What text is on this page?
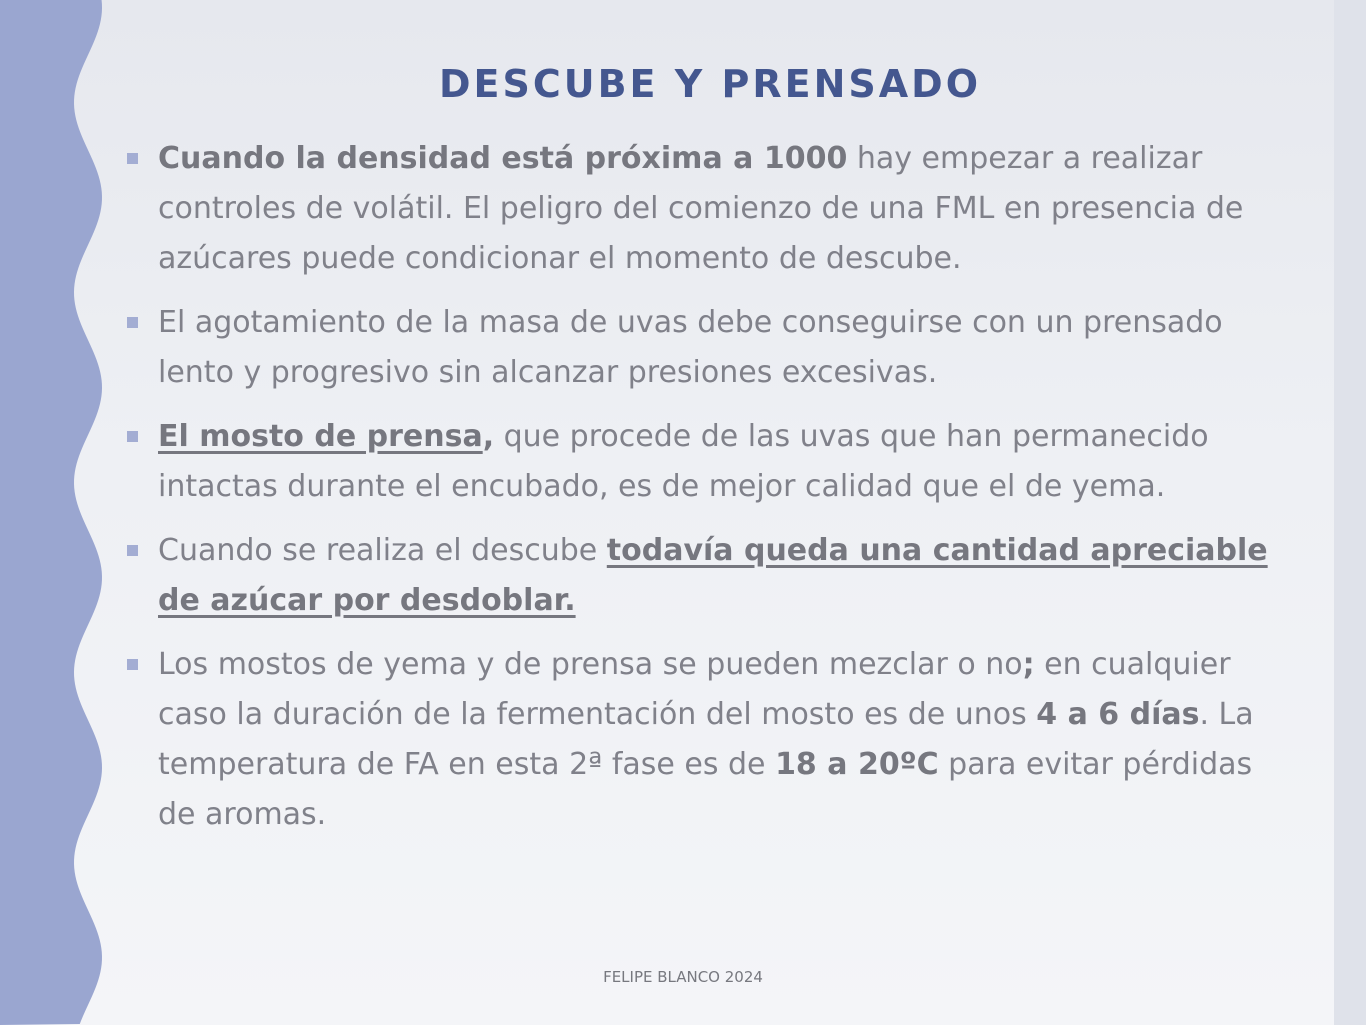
DESCUBE Y PRENSADO
Cuando la densidad está próxima a 1000 hay empezar a realizar controles de volátil. El peligro del comienzo de una FML en presencia de azúcares puede condicionar el momento de descube.
El agotamiento de la masa de uvas debe conseguirse con un prensado lento y progresivo sin alcanzar presiones excesivas.
El mosto de prensa, que procede de las uvas que han permanecido intactas durante el encubado, es de mejor calidad que el de yema.
Cuando se realiza el descube todavía queda una cantidad apreciable de azúcar por desdoblar.
Los mostos de yema y de prensa se pueden mezclar o no; en cualquier caso la duración de la fermentación del mosto es de unos 4 a 6 días. La temperatura de FA en esta 2ª fase es de 18 a 20ºC para evitar pérdidas de aromas.
FELIPE BLANCO 2024
